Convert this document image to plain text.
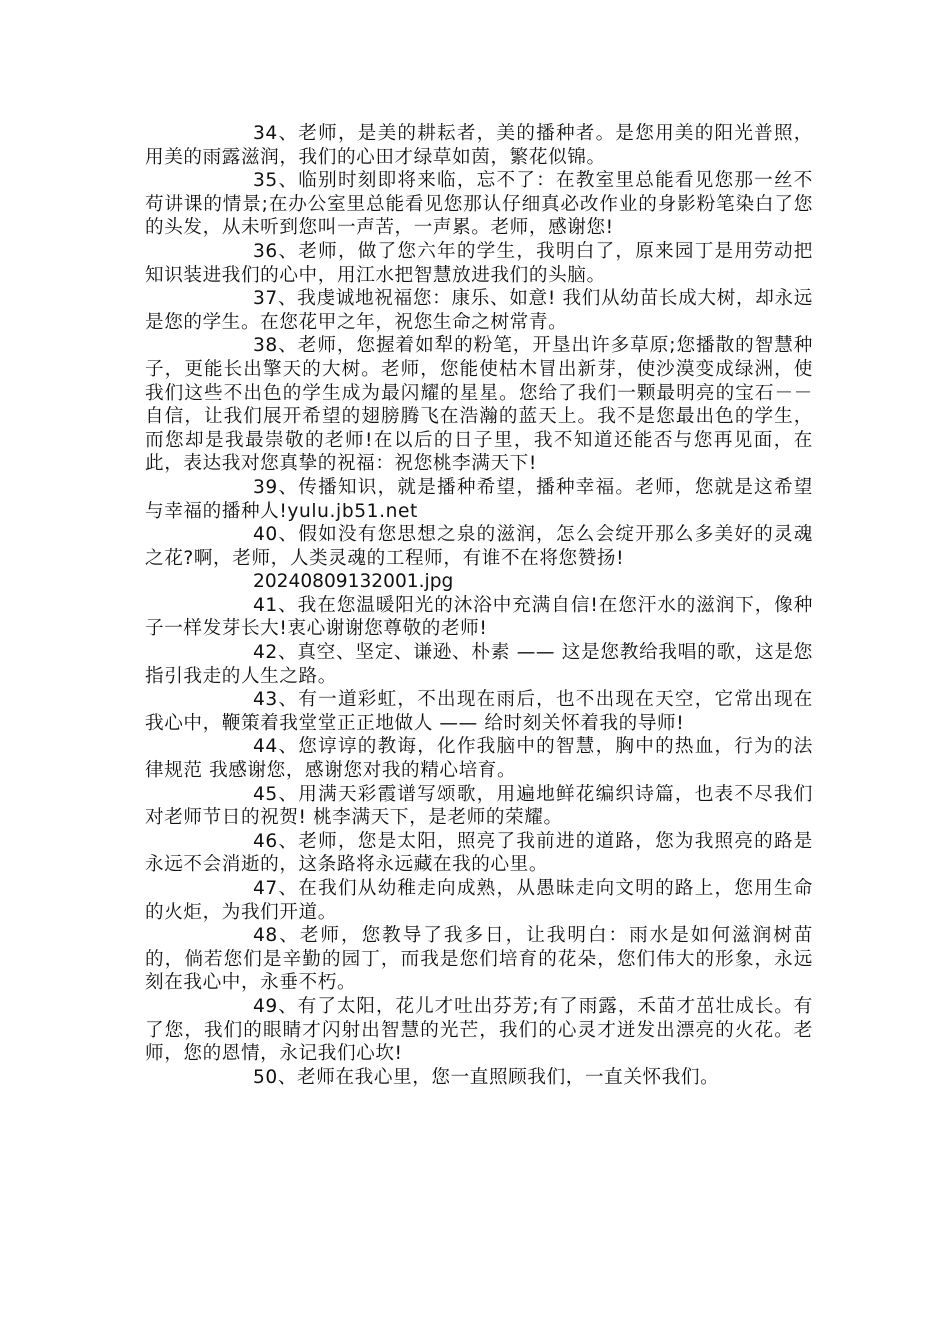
34、老师，是美的耕耘者，美的播种者。是您用美的阳光普照，用美的雨露滋润，我们的心田才绿草如茵，繁花似锦。

35、临别时刻即将来临，忘不了：在教室里总能看见您那一丝不苟讲课的情景;在办公室里总能看见您那认仔细真必改作业的身影粉笔染白了您的头发，从未听到您叫一声苦，一声累。老师，感谢您!

36、老师，做了您六年的学生，我明白了，原来园丁是用劳动把知识装进我们的心中，用江水把智慧放进我们的头脑。

37、我虔诚地祝福您：康乐、如意! 我们从幼苗长成大树，却永远是您的学生。在您花甲之年，祝您生命之树常青。

38、老师，您握着如犁的粉笔，开垦出许多草原;您播散的智慧种子，更能长出擎天的大树。老师，您能使枯木冒出新芽，使沙漠变成绿洲，使我们这些不出色的学生成为最闪耀的星星。您给了我们一颗最明亮的宝石－－自信，让我们展开希望的翅膀腾飞在浩瀚的蓝天上。我不是您最出色的学生，而您却是我最崇敬的老师!在以后的日子里，我不知道还能否与您再见面，在此，表达我对您真挚的祝福：祝您桃李满天下!

39、传播知识，就是播种希望，播种幸福。老师，您就是这希望与幸福的播种人!yulu.jb51.net

40、假如没有您思想之泉的滋润，怎么会绽开那么多美好的灵魂之花?啊，老师，人类灵魂的工程师，有谁不在将您赞扬!

20240809132001.jpg

41、我在您温暖阳光的沐浴中充满自信!在您汗水的滋润下，像种子一样发芽长大!衷心谢谢您尊敬的老师!

42、真空、坚定、谦逊、朴素 —— 这是您教给我唱的歌，这是您指引我走的人生之路。

43、有一道彩虹，不出现在雨后，也不出现在天空，它常出现在我心中，鞭策着我堂堂正正地做人 —— 给时刻关怀着我的导师!

44、您谆谆的教诲，化作我脑中的智慧，胸中的热血，行为的法律规范 我感谢您，感谢您对我的精心培育。

45、用满天彩霞谱写颂歌，用遍地鲜花编织诗篇，也表不尽我们对老师节日的祝贺! 桃李满天下，是老师的荣耀。

46、老师，您是太阳，照亮了我前进的道路，您为我照亮的路是永远不会消逝的，这条路将永远藏在我的心里。

47、在我们从幼稚走向成熟，从愚昧走向文明的路上，您用生命的火炬，为我们开道。

48、老师，您教导了我多日，让我明白：雨水是如何滋润树苗的，倘若您们是辛勤的园丁，而我是您们培育的花朵，您们伟大的形象，永远刻在我心中，永垂不朽。

49、有了太阳，花儿才吐出芬芳;有了雨露，禾苗才茁壮成长。有了您，我们的眼睛才闪射出智慧的光芒，我们的心灵才迸发出漂亮的火花。老师，您的恩情，永记我们心坎!

50、老师在我心里，您一直照顾我们，一直关怀我们。
